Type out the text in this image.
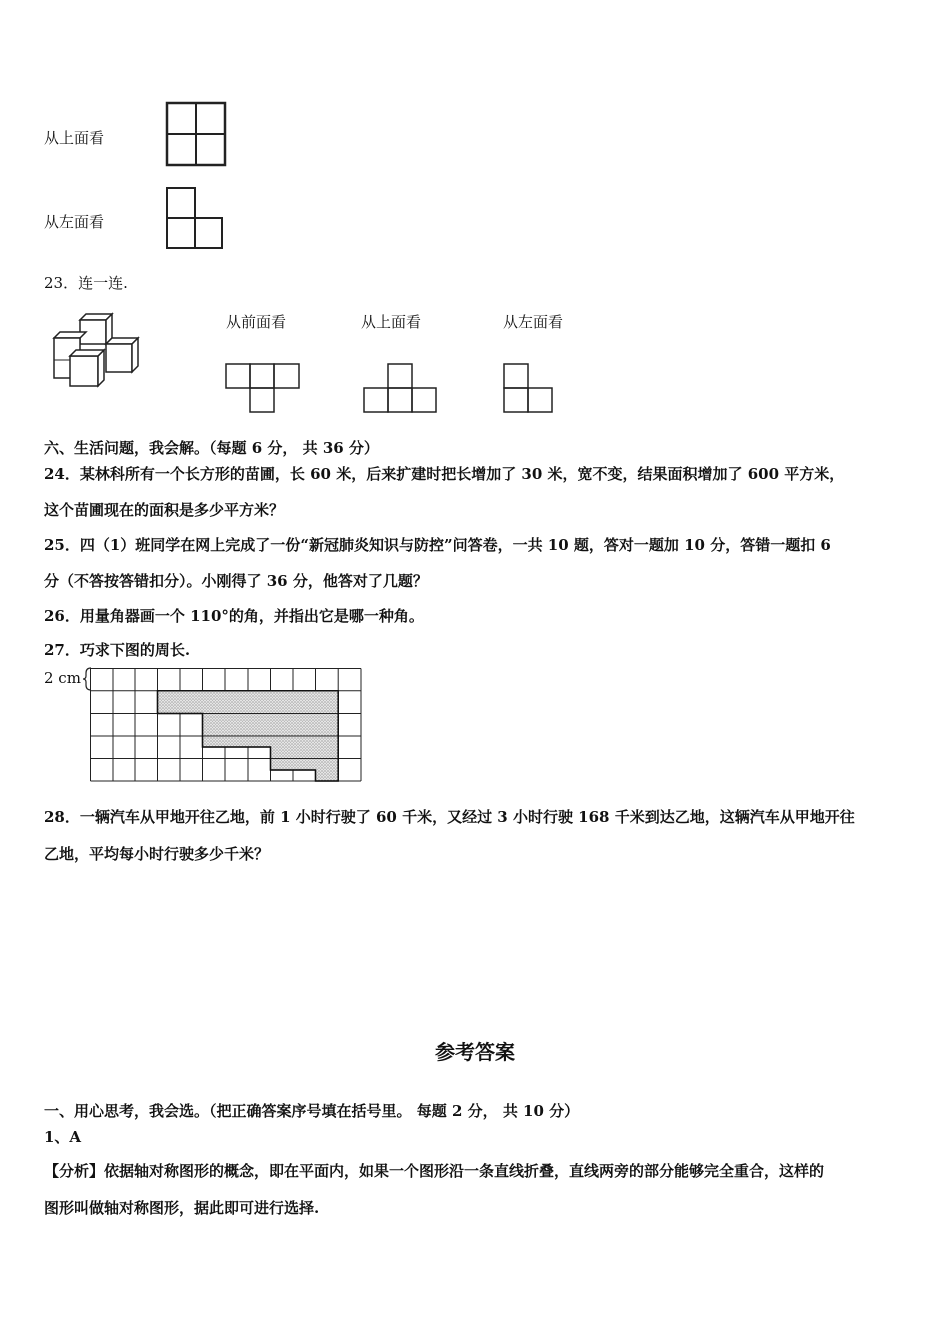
从上面看
从左面看
23．连一连.
从前面看	从上面看	从左面看
六、生活问题，我会解。（每题 6 分， 共 36 分）
24．某林科所有一个长方形的苗圃，长 60 米，后来扩建时把长增加了 30 米，宽不变，结果面积增加了 600 平方米，
这个苗圃现在的面积是多少平方米？
25．四（1）班同学在网上完成了一份“新冠肺炎知识与防控”问答卷，一共 10 题，答对一题加 10 分，答错一题扣 6
分（不答按答错扣分）。小刚得了 36 分，他答对了几题？
26．用量角器画一个 110°的角，并指出它是哪一种角。
27．巧求下图的周长.
2 cm
28．一辆汽车从甲地开往乙地，前 1 小时行驶了 60 千米，又经过 3 小时行驶 168 千米到达乙地，这辆汽车从甲地开往
乙地，平均每小时行驶多少千米？
参考答案
一、用心思考，我会选。（把正确答案序号填在括号里。 每题 2 分， 共 10 分）
1、A
【分析】依据轴对称图形的概念，即在平面内，如果一个图形沿一条直线折叠，直线两旁的部分能够完全重合，这样的
图形叫做轴对称图形，据此即可进行选择.
